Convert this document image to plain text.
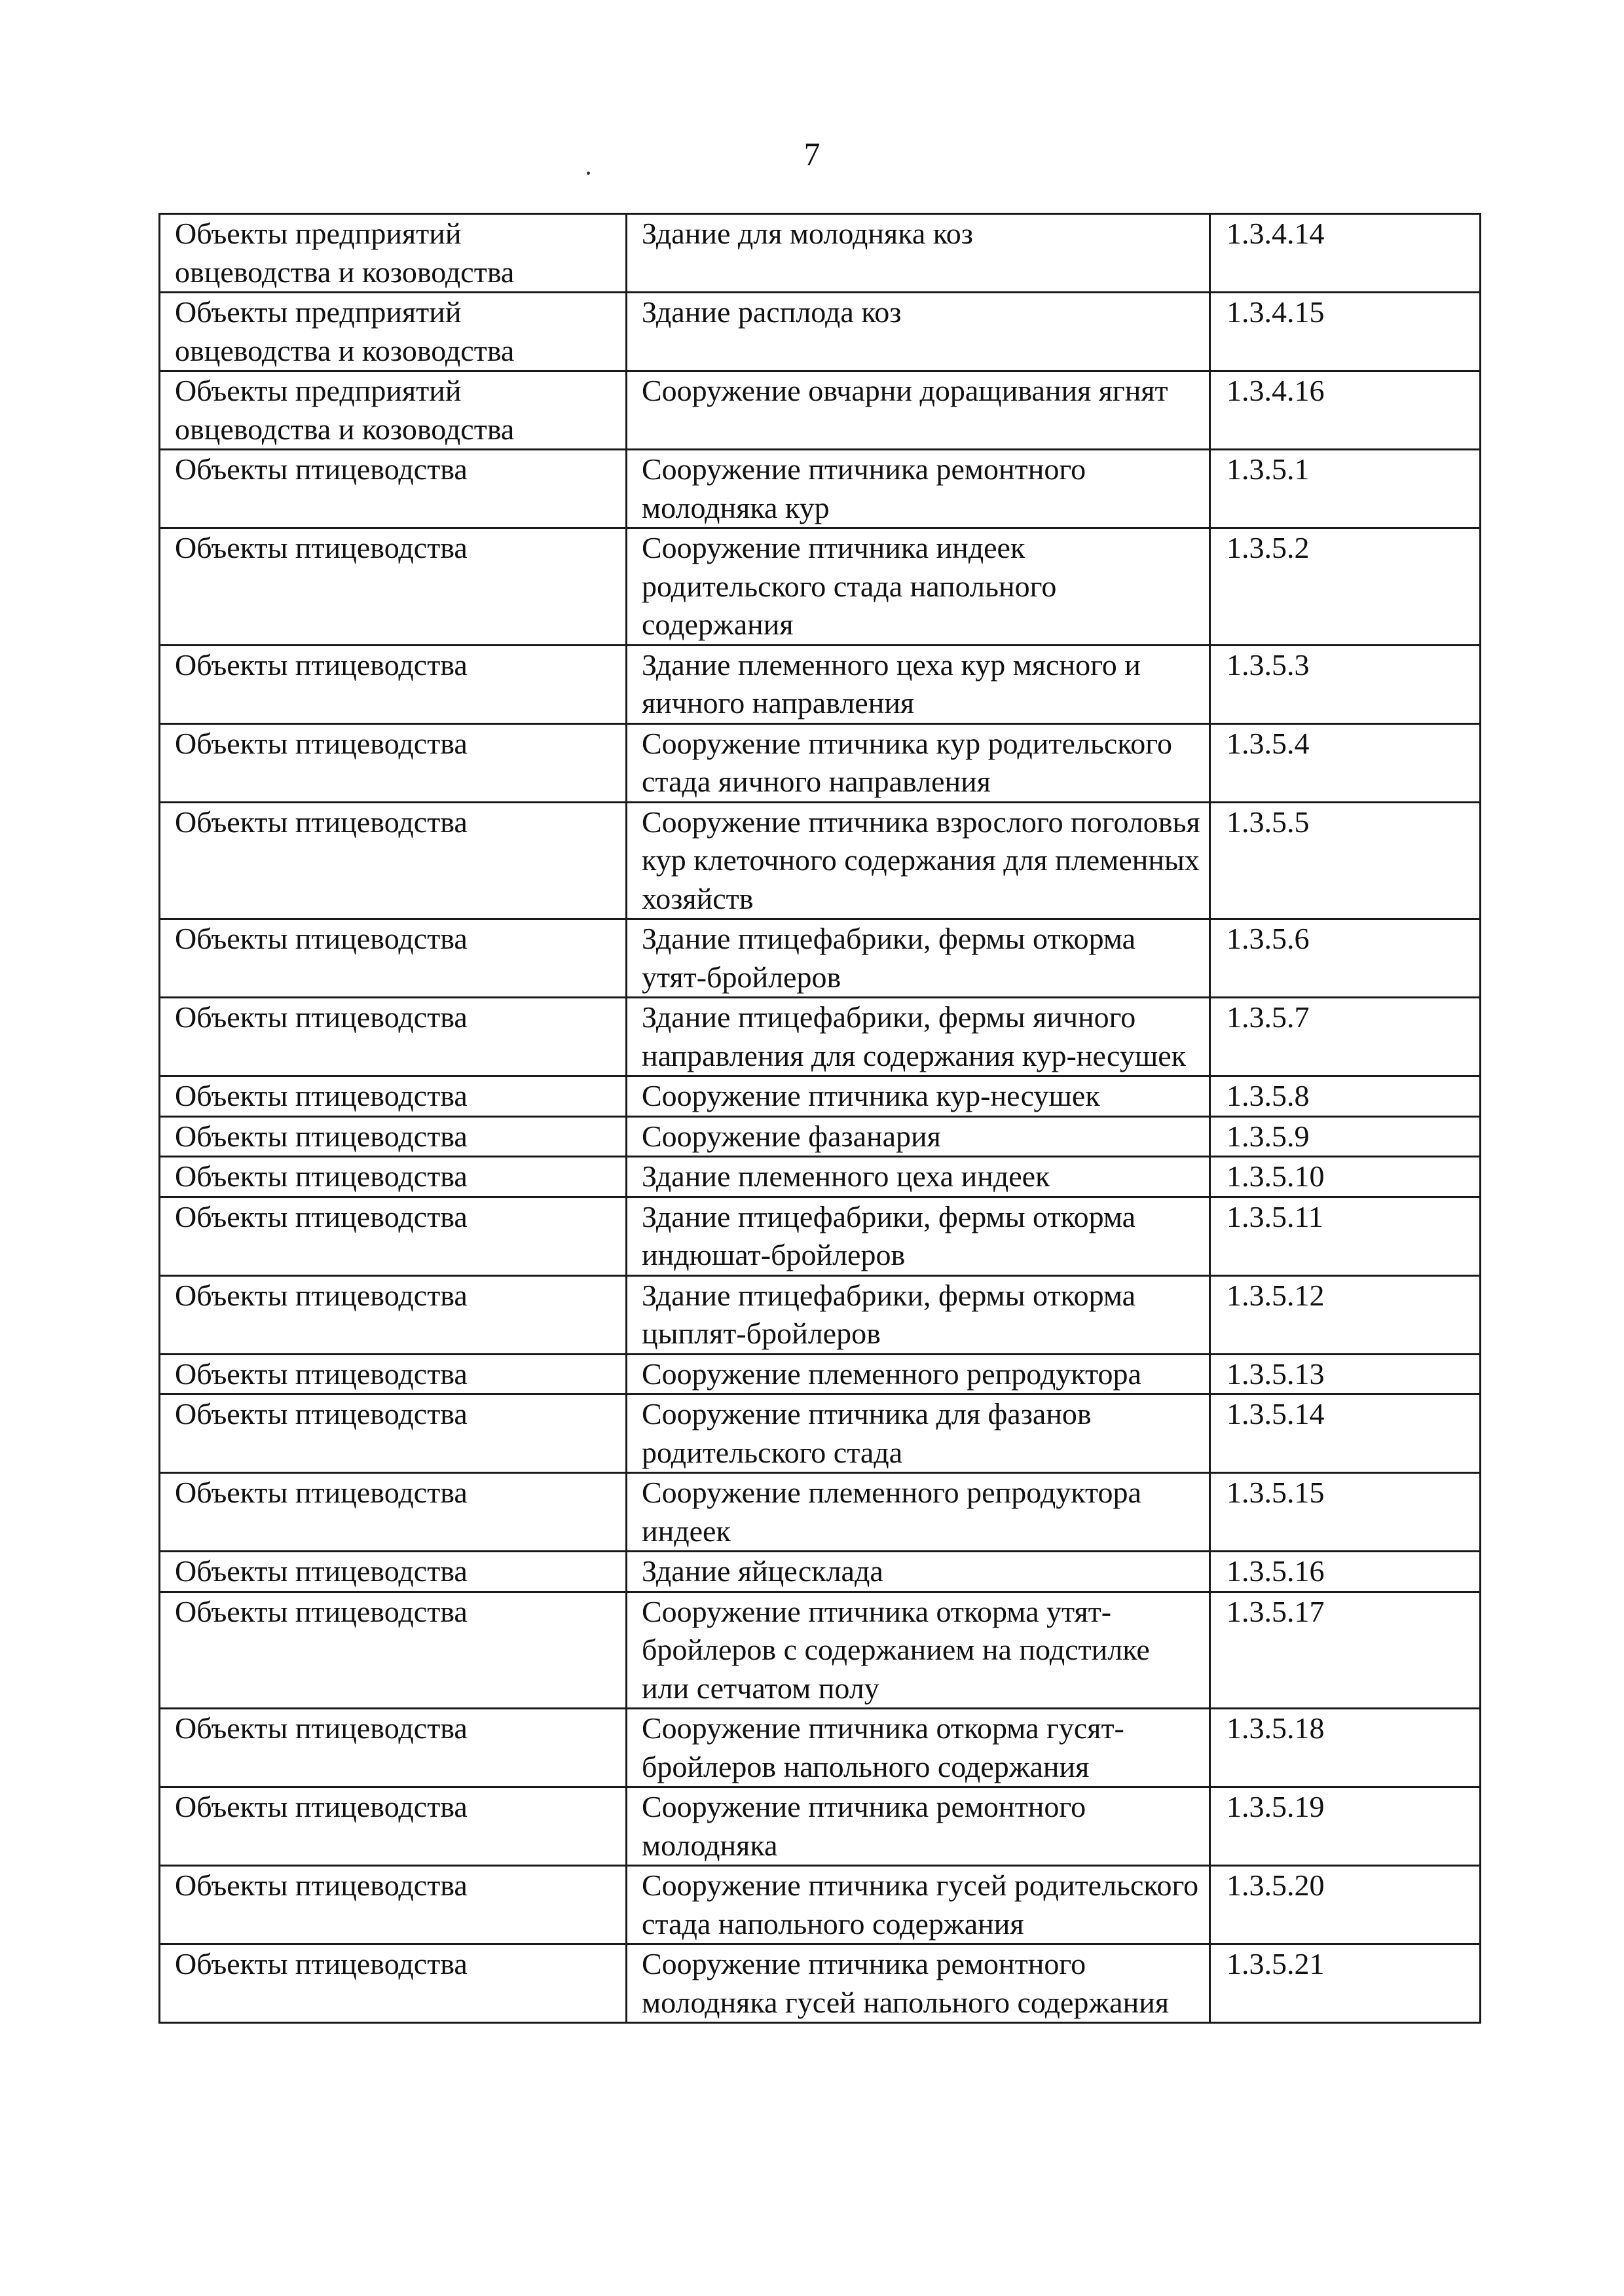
7
Объекты предприятий овцеводства и козоводства	Здание для молодняка коз	1.3.4.14
Объекты предприятий овцеводства и козоводства	Здание расплода коз	1.3.4.15
Объекты предприятий овцеводства и козоводства	Сооружение овчарни доращивания ягнят	1.3.4.16
Объекты птицеводства	Сооружение птичника ремонтного молодняка кур	1.3.5.1
Объекты птицеводства	Сооружение птичника индеек родительского стада напольного содержания	1.3.5.2
Объекты птицеводства	Здание племенного цеха кур мясного и яичного направления	1.3.5.3
Объекты птицеводства	Сооружение птичника кур родительского стада яичного направления	1.3.5.4
Объекты птицеводства	Сооружение птичника взрослого поголовья кур клеточного содержания для племенных хозяйств	1.3.5.5
Объекты птицеводства	Здание птицефабрики, фермы откорма утят-бройлеров	1.3.5.6
Объекты птицеводства	Здание птицефабрики, фермы яичного направления для содержания кур-несушек	1.3.5.7
Объекты птицеводства	Сооружение птичника кур-несушек	1.3.5.8
Объекты птицеводства	Сооружение фазанария	1.3.5.9
Объекты птицеводства	Здание племенного цеха индеек	1.3.5.10
Объекты птицеводства	Здание птицефабрики, фермы откорма индюшат-бройлеров	1.3.5.11
Объекты птицеводства	Здание птицефабрики, фермы откорма цыплят-бройлеров	1.3.5.12
Объекты птицеводства	Сооружение племенного репродуктора	1.3.5.13
Объекты птицеводства	Сооружение птичника для фазанов родительского стада	1.3.5.14
Объекты птицеводства	Сооружение племенного репродуктора индеек	1.3.5.15
Объекты птицеводства	Здание яйцесклада	1.3.5.16
Объекты птицеводства	Сооружение птичника откорма утят-бройлеров с содержанием на подстилке или сетчатом полу	1.3.5.17
Объекты птицеводства	Сооружение птичника откорма гусят-бройлеров напольного содержания	1.3.5.18
Объекты птицеводства	Сооружение птичника ремонтного молодняка	1.3.5.19
Объекты птицеводства	Сооружение птичника гусей родительского стада напольного содержания	1.3.5.20
Объекты птицеводства	Сооружение птичника ремонтного молодняка гусей напольного содержания	1.3.5.21
